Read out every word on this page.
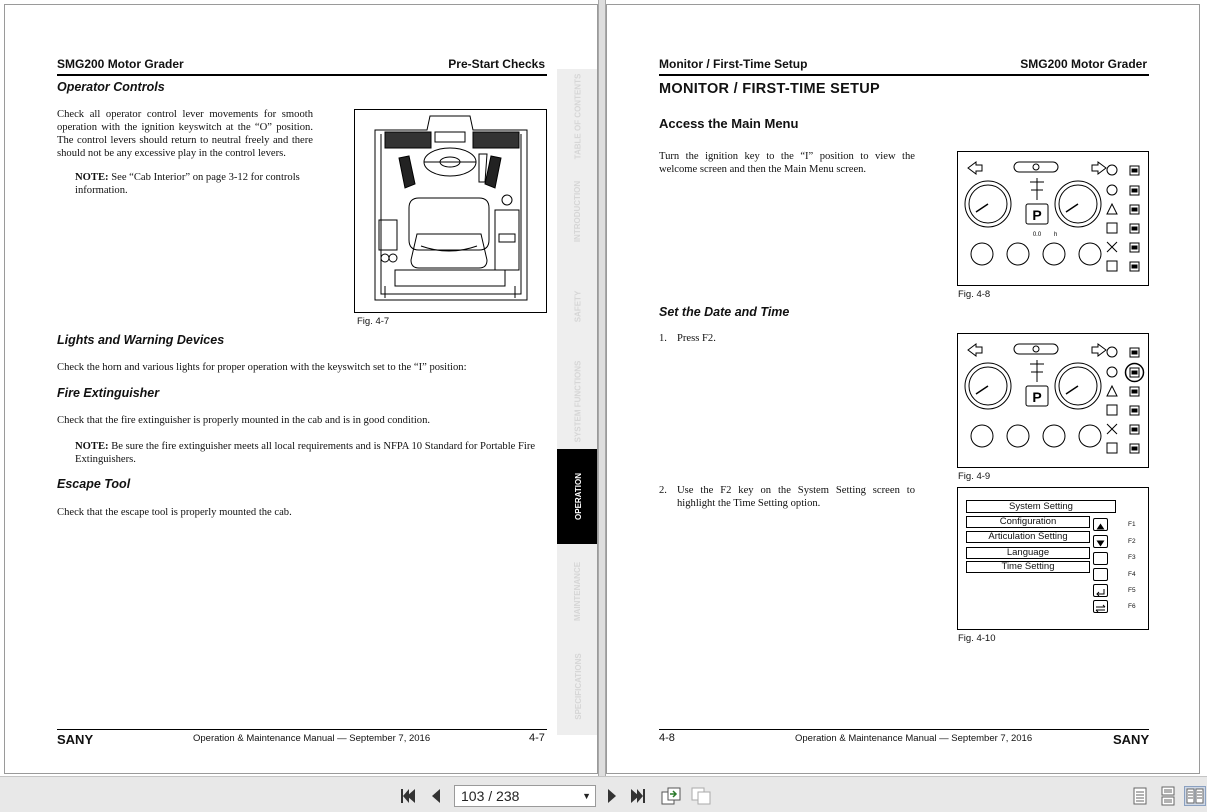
SMG200 Motor Grader	Pre-Start Checks
Operator Controls
Check all operator control lever movements for smooth operation with the ignition keyswitch at the “O” position. The control levers should return to neutral freely and there should not be any excessive play in the control levers.
NOTE: See “Cab Interior” on page 3-12 for controls information.
Fig. 4-7
Lights and Warning Devices
Check the horn and various lights for proper operation with the keyswitch set to the “I” position:
Fire Extinguisher
Check that the fire extinguisher is properly mounted in the cab and is in good condition.
NOTE: Be sure the fire extinguisher meets all local requirements and is NFPA 10 Standard for Portable Fire Extinguishers.
Escape Tool
Check that the escape tool is properly mounted the cab.
TABLE OF CONTENTS
INTRODUCTION
SAFETY
SYSTEM FUNCTIONS
OPERATION
MAINTENANCE
SPECIFICATIONS
SANY	Operation & Maintenance Manual — September 7, 2016	4-7
Monitor / First-Time Setup	SMG200 Motor Grader
MONITOR / FIRST-TIME SETUP
Access the Main Menu
Turn the ignition key to the “I” position to view the welcome screen and then the Main Menu screen.
P
0.0 h
Fig. 4-8
Set the Date and Time
1. Press F2.
P
Fig. 4-9
2. Use the F2 key on the System Setting screen to highlight the Time Setting option.	System Setting
Configuration
Articulation Setting
Language
Time Setting
F1
F2
F3
F4
F5
F6
Fig. 4-10
4-8	Operation & Maintenance Manual — September 7, 2016	SANY
103 / 238	▼
